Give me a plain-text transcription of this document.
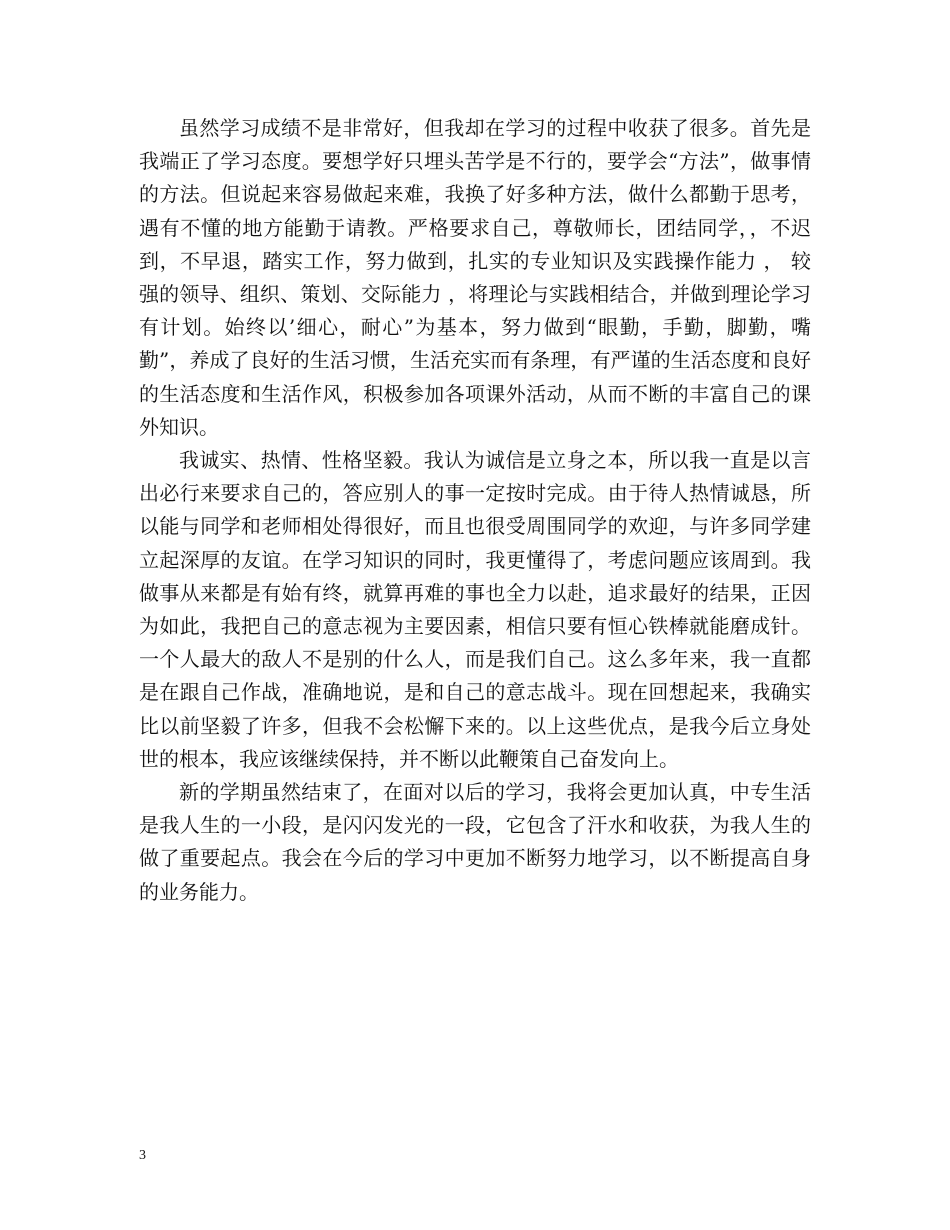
虽然学习成绩不是非常好，但我却在学习的过程中收获了很多。首先是我端正了学习态度。要想学好只埋头苦学是不行的，要学会“方法”，做事情的方法。但说起来容易做起来难，我换了好多种方法，做什么都勤于思考，遇有不懂的地方能勤于请教。严格要求自己，尊敬师长，团结同学，，不迟到，不早退，踏实工作，努力做到，扎实的专业知识及实践操作能力 ， 较强的领导、组织、策划、交际能力 ，将理论与实践相结合，并做到理论学习有计划。始终以’细心，耐心”为基本，努力做到“眼勤，手勤，脚勤，嘴勤”，养成了良好的生活习惯，生活充实而有条理，有严谨的生活态度和良好的生活态度和生活作风，积极参加各项课外活动，从而不断的丰富自己的课外知识。

我诚实、热情、性格坚毅。我认为诚信是立身之本，所以我一直是以言出必行来要求自己的，答应别人的事一定按时完成。由于待人热情诚恳，所以能与同学和老师相处得很好，而且也很受周围同学的欢迎，与许多同学建立起深厚的友谊。在学习知识的同时，我更懂得了，考虑问题应该周到。我做事从来都是有始有终，就算再难的事也全力以赴，追求最好的结果，正因为如此，我把自己的意志视为主要因素，相信只要有恒心铁棒就能磨成针。一个人最大的敌人不是别的什么人，而是我们自己。这么多年来，我一直都是在跟自己作战，准确地说，是和自己的意志战斗。现在回想起来，我确实比以前坚毅了许多，但我不会松懈下来的。以上这些优点，是我今后立身处世的根本，我应该继续保持，并不断以此鞭策自己奋发向上。

新的学期虽然结束了，在面对以后的学习，我将会更加认真，中专生活是我人生的一小段，是闪闪发光的一段，它包含了汗水和收获，为我人生的做了重要起点。我会在今后的学习中更加不断努力地学习，以不断提高自身的业务能力。

3
